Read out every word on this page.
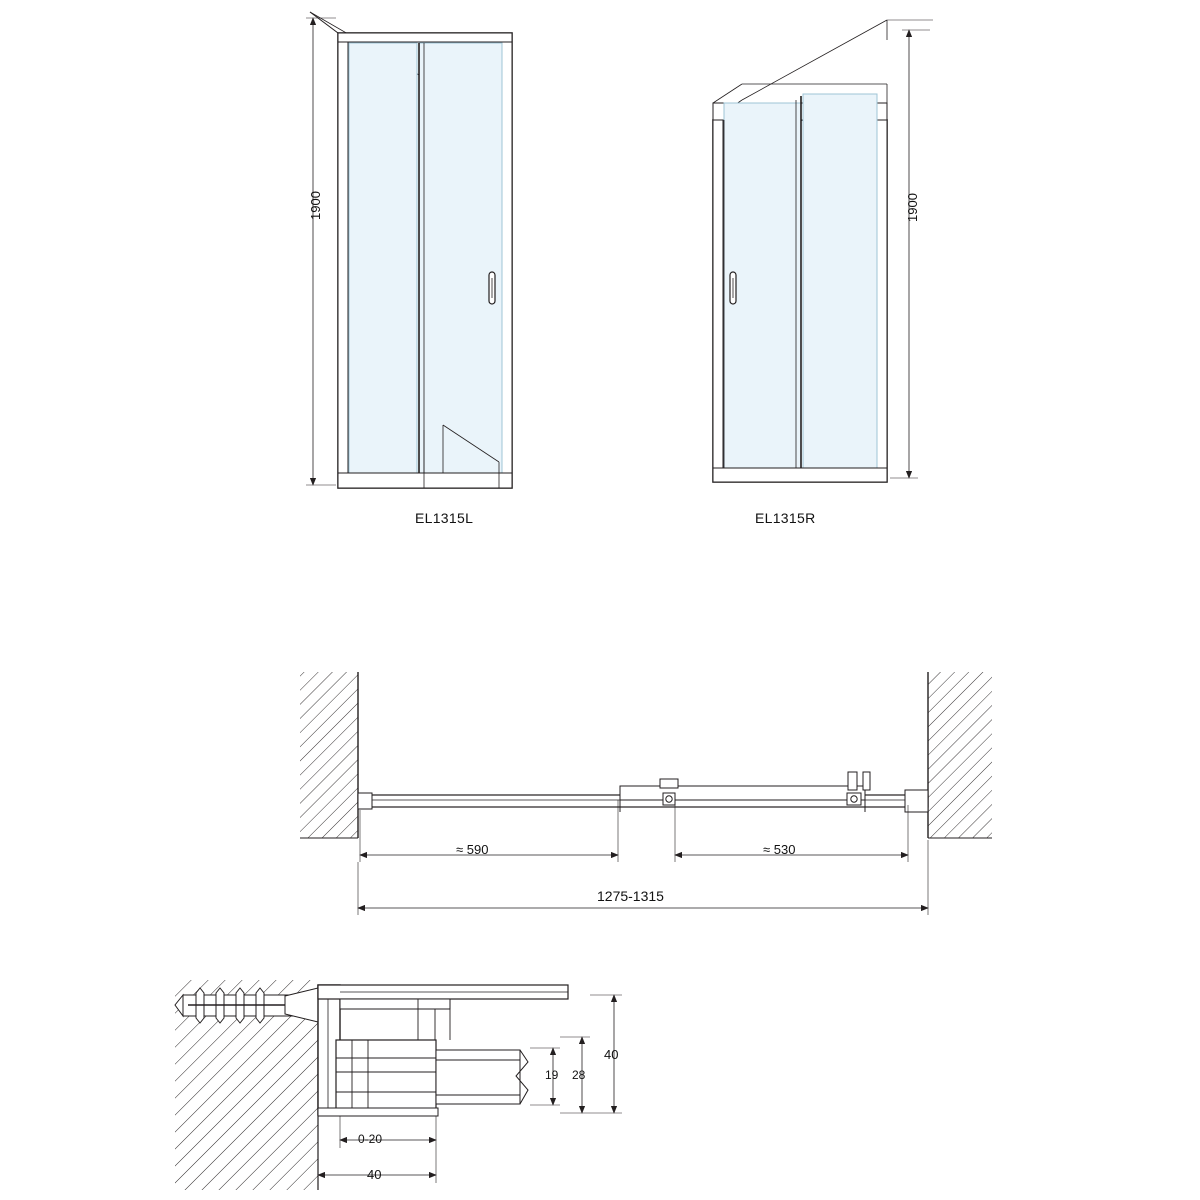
1900	1900
EL1315L	EL1315R
≈ 590	≈ 530
1275-1315
19 28
40
0-20
40
